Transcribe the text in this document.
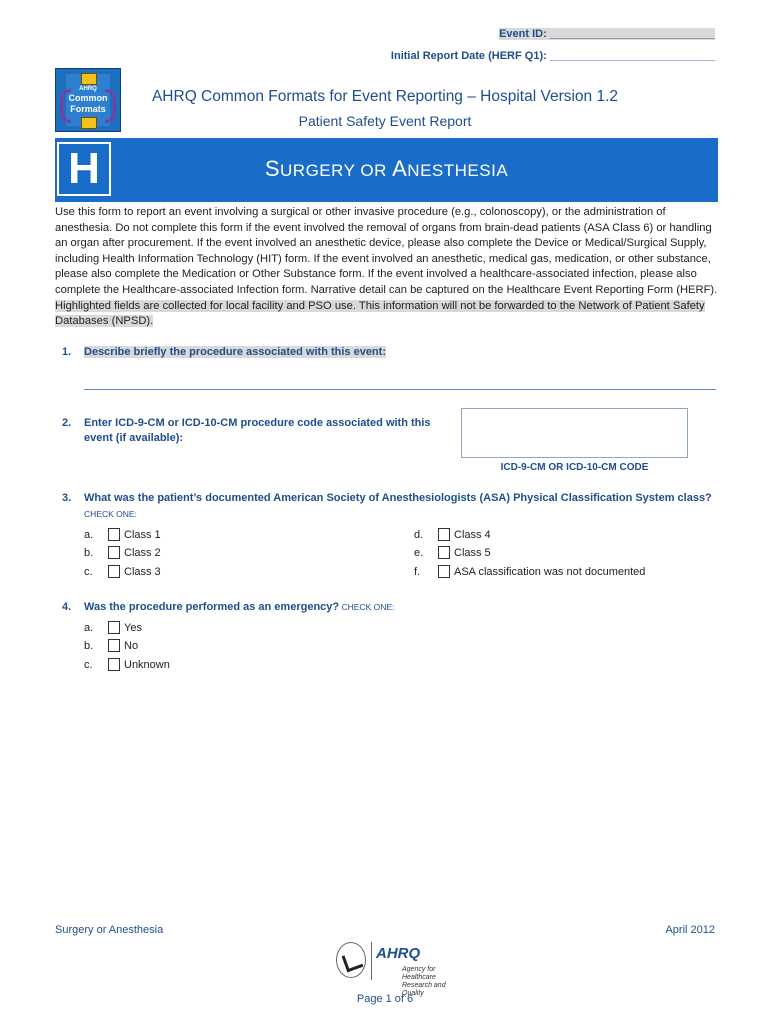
Event ID: ___________________________
Initial Report Date (HERF Q1): ___________________________
AHRQ
Common
Formats
AHRQ Common Formats for Event Reporting – Hospital Version 1.2
Patient Safety Event Report
H	SURGERY OR ANESTHESIA
Use this form to report an event involving a surgical or other invasive procedure (e.g., colonoscopy), or the administration of anesthesia. Do not complete this form if the event involved the removal of organs from brain-dead patients (ASA Class 6) or handling an organ after procurement. If the event involved an anesthetic device, please also complete the Device or Medical/Surgical Supply, including Health Information Technology (HIT) form. If the event involved an anesthetic, medical gas, medication, or other substance, please also complete the Medication or Other Substance form. If the event involved a healthcare-associated infection, please also complete the Healthcare-associated Infection form. Narrative detail can be captured on the Healthcare Event Reporting Form (HERF). Highlighted fields are collected for local facility and PSO use. This information will not be forwarded to the Network of Patient Safety Databases (NPSD).
1. Describe briefly the procedure associated with this event:
2. Enter ICD-9-CM or ICD-10-CM procedure code associated with this
event (if available):
ICD-9-CM OR ICD-10-CM CODE
3. What was the patient’s documented American Society of Anesthesiologists (ASA) Physical Classification System class?
CHECK ONE:
a.	Class 1
b.	Class 2
c.	Class 3
d.	Class 4
e.	Class 5
f.	ASA classification was not documented
4. Was the procedure performed as an emergency? CHECK ONE:
a.	Yes
b.	No
c.	Unknown
Surgery or Anesthesia	April 2012
AHRQ
Agency for Healthcare Research and Quality
Page 1 of 6
